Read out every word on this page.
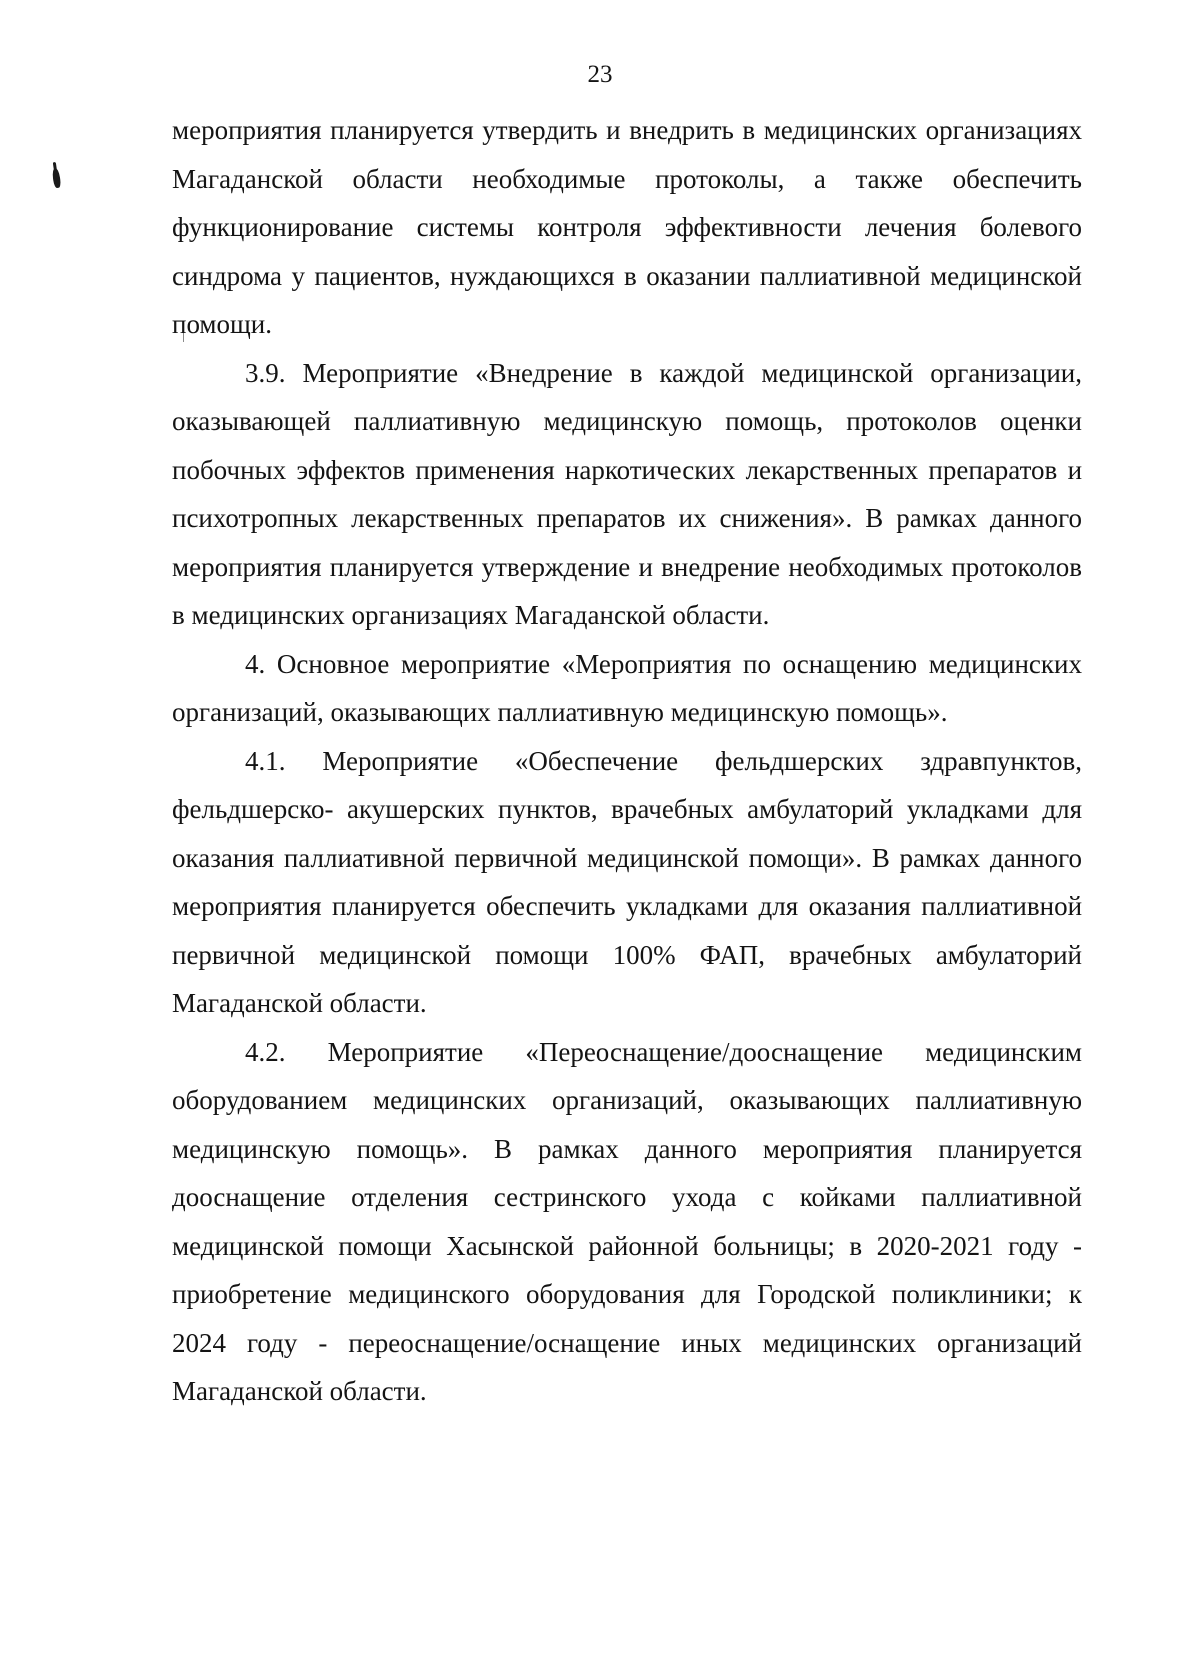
23

мероприятия планируется утвердить и внедрить в медицинских организациях Магаданской области необходимые протоколы, а также обеспечить функционирование системы контроля эффективности лечения болевого синдрома у пациентов, нуждающихся в оказании паллиативной медицинской помощи.

3.9. Мероприятие «Внедрение в каждой медицинской организации, оказывающей паллиативную медицинскую помощь, протоколов оценки побочных эффектов применения наркотических лекарственных препаратов и психотропных лекарственных препаратов их снижения». В рамках данного мероприятия планируется утверждение и внедрение необходимых протоколов в медицинских организациях Магаданской области.

4. Основное мероприятие «Мероприятия по оснащению медицинских организаций, оказывающих паллиативную медицинскую помощь».

4.1. Мероприятие «Обеспечение фельдшерских здравпунктов, фельдшерско- акушерских пунктов, врачебных амбулаторий укладками для оказания паллиативной первичной медицинской помощи». В рамках данного мероприятия планируется обеспечить укладками для оказания паллиативной первичной медицинской помощи 100% ФАП, врачебных амбулаторий Магаданской области.

4.2. Мероприятие «Переоснащение/дооснащение медицинским оборудованием медицинских организаций, оказывающих паллиативную медицинскую помощь». В рамках данного мероприятия планируется дооснащение отделения сестринского ухода с койками паллиативной медицинской помощи Хасынской районной больницы; в 2020-2021 году - приобретение медицинского оборудования для Городской поликлиники; к 2024 году - переоснащение/оснащение иных медицинских организаций Магаданской области.
